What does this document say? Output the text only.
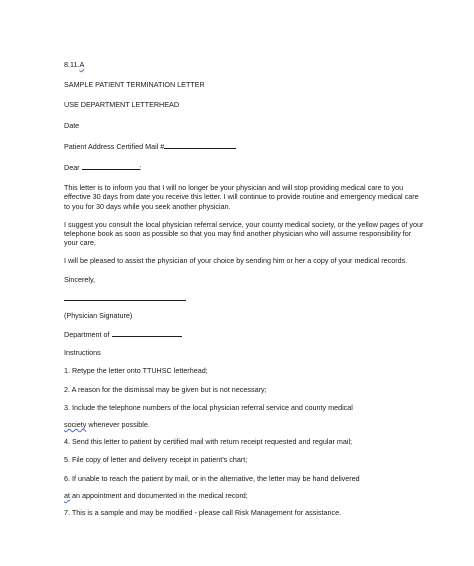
8.11.A
SAMPLE PATIENT TERMINATION LETTER
USE DEPARTMENT LETTERHEAD
Date
Patient Address Certified Mail #
Dear	:
This letter is to inform you that I will no longer be your physician and will stop providing medical care to you effective 30 days from date you receive this letter. I will continue to provide routine and emergency medical care to you for 30 days while you seek another physician.
I suggest you consult the local physician referral service, your county medical society, or the yellow pages of your telephone book as soon as possible so that you may find another physician who will assume responsibility for your care.
I will be pleased to assist the physician of your choice by sending him or her a copy of your medical records.
Sincerely,
(Physician Signature)
Department of
Instructions
1. Retype the letter onto TTUHSC letterhead;
2. A reason for the dismissal may be given but is not necessary;
3. Include the telephone numbers of the local physician referral service and county medical
society whenever possible.
4. Send this letter to patient by certified mail with return receipt requested and regular mail;
5. File copy of letter and delivery receipt in patient’s chart;
6. If unable to reach the patient by mail, or in the alternative, the letter may be hand delivered
at an appointment and documented in the medical record;
7. This is a sample and may be modified - please call Risk Management for assistance.
